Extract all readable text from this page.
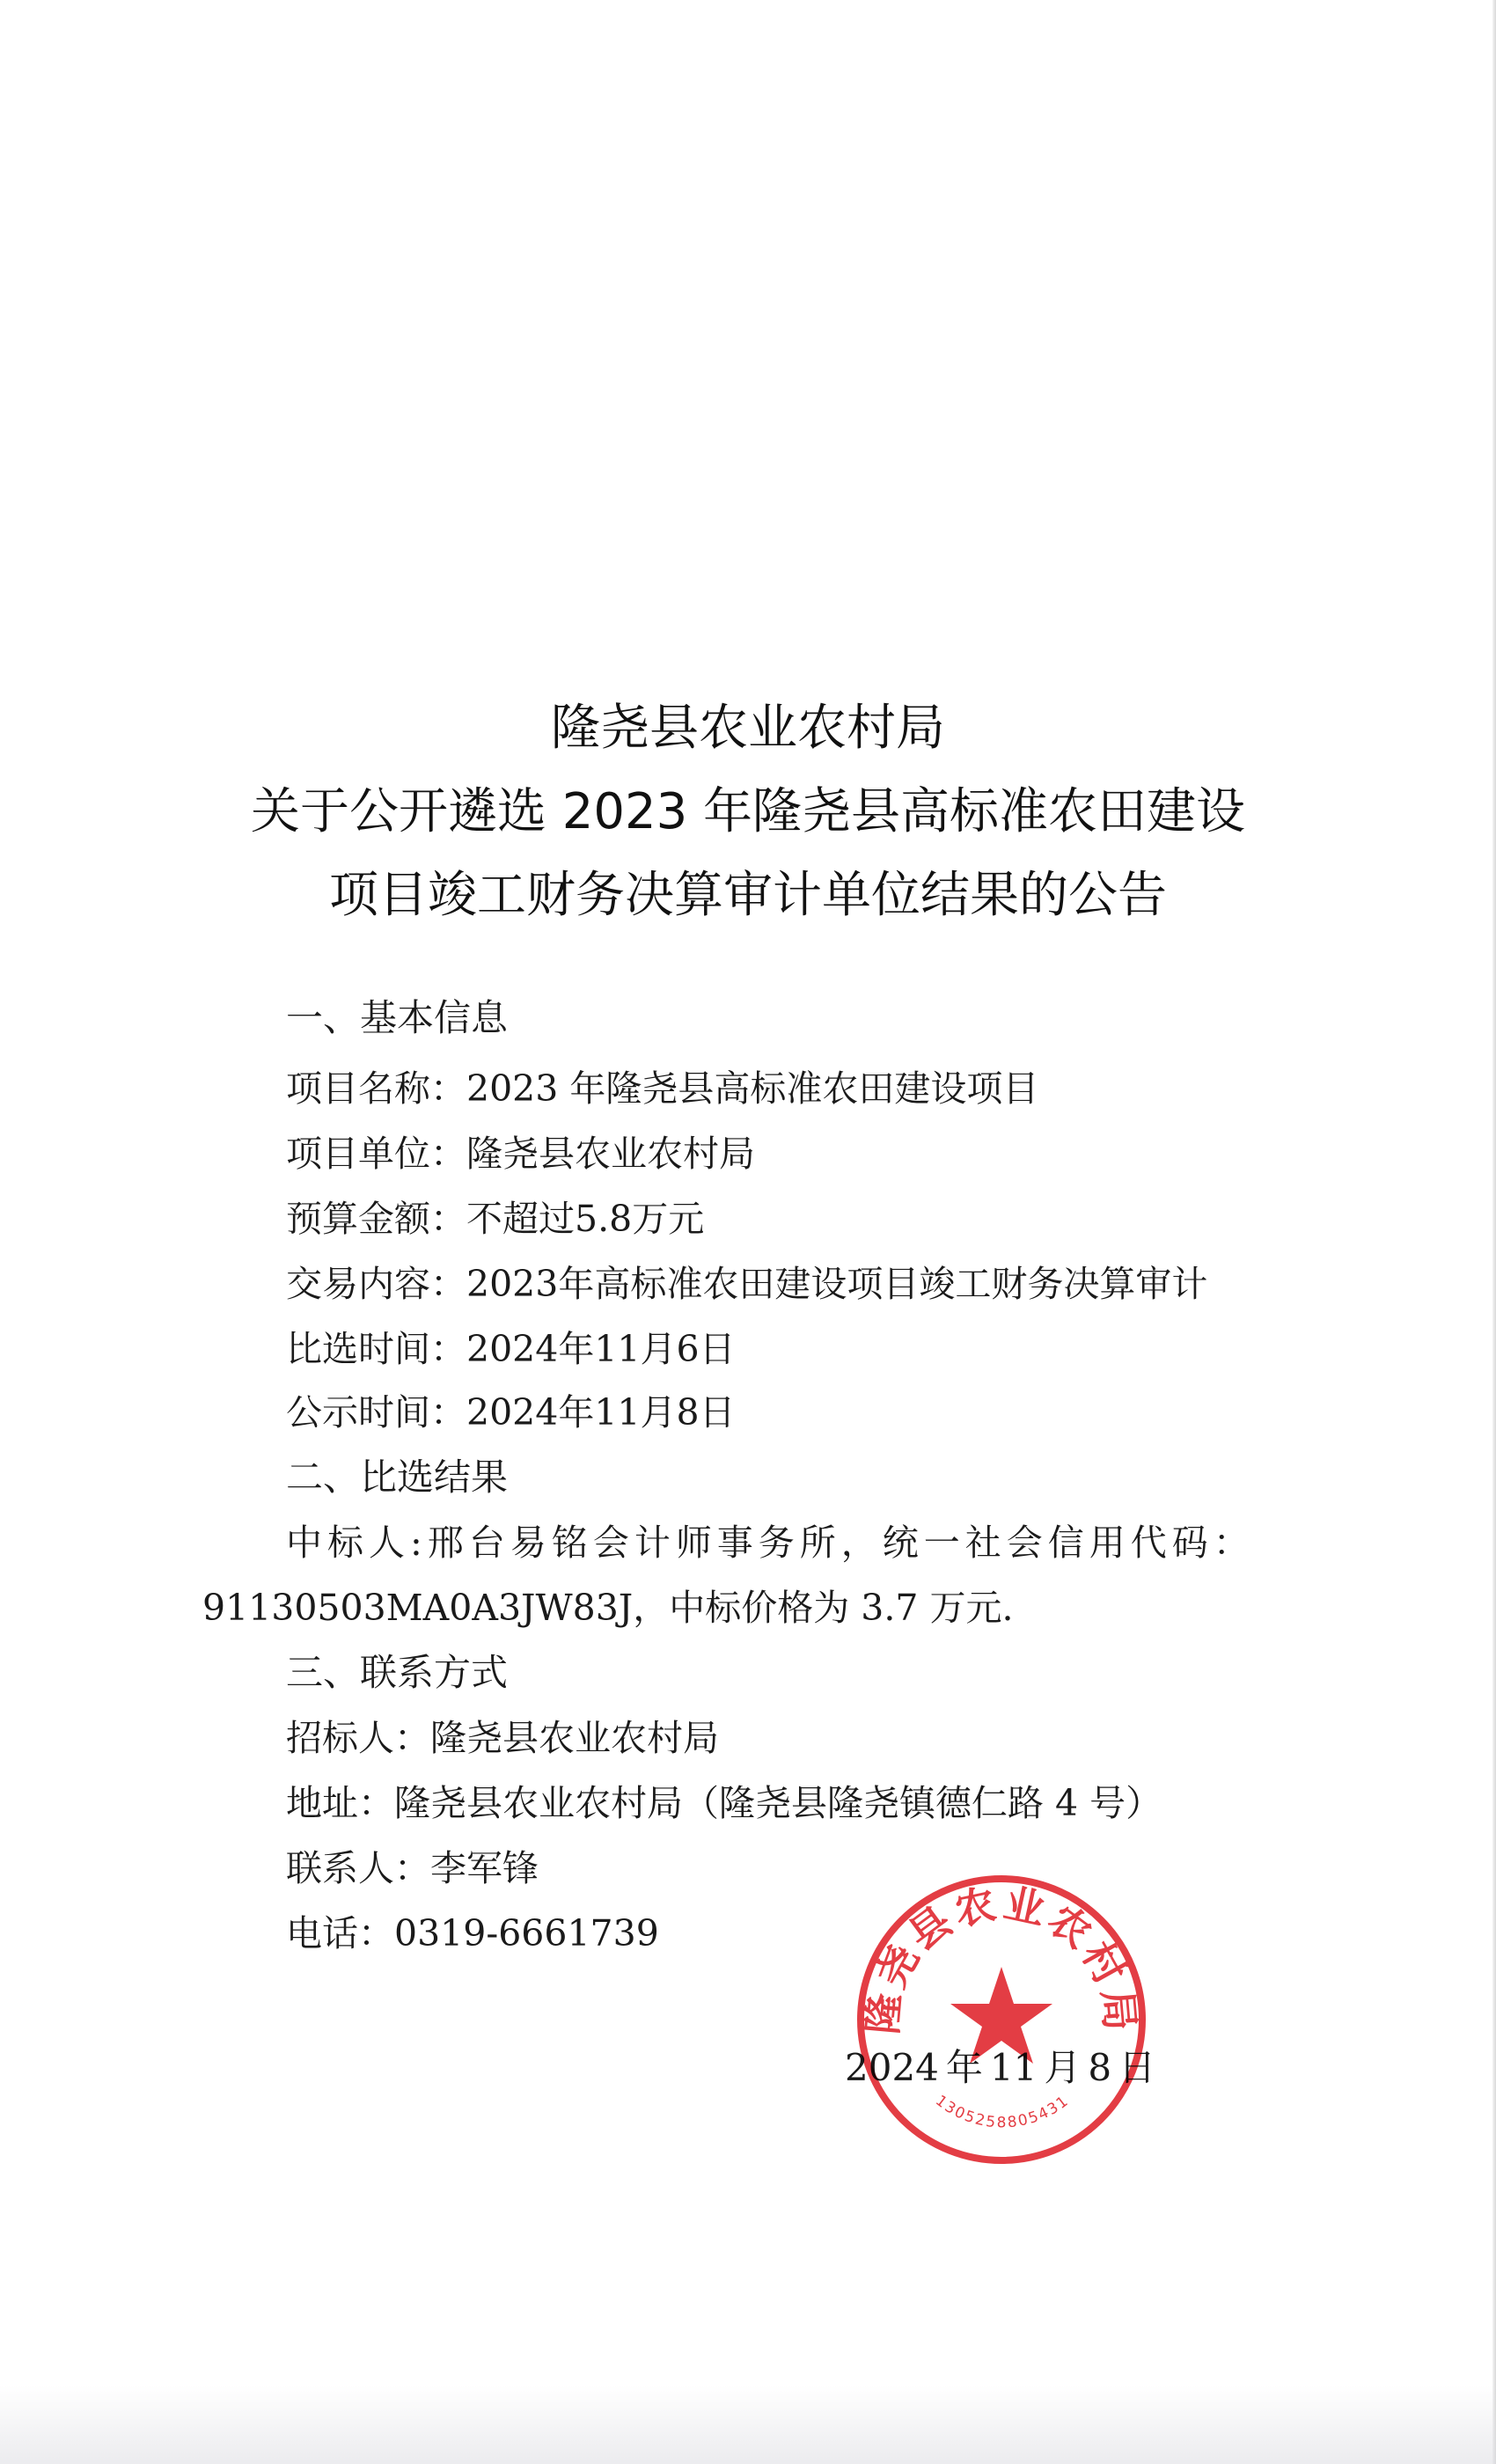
隆尧县农业农村局
关于公开遴选 2023 年隆尧县高标准农田建设
项目竣工财务决算审计单位结果的公告
一、基本信息
项目名称：2023 年隆尧县高标准农田建设项目
项目单位：隆尧县农业农村局
预算金额：不超过5.8万元
交易内容：2023年高标准农田建设项目竣工财务决算审计
比选时间：2024年11月6日
公示时间：2024年11月8日
二、比选结果
中标人:邢台易铭会计师事务所，统一社会信用代码：
91130503MA0A3JW83J，中标价格为 3.7 万元.
三、联系方式
招标人：隆尧县农业农村局
地址：隆尧县农业农村局（隆尧县隆尧镇德仁路 4 号）
联系人：李军锋
电话：0319-6661739
2024 年 11 月 8 日
隆尧县农业农村局
1305258805431
